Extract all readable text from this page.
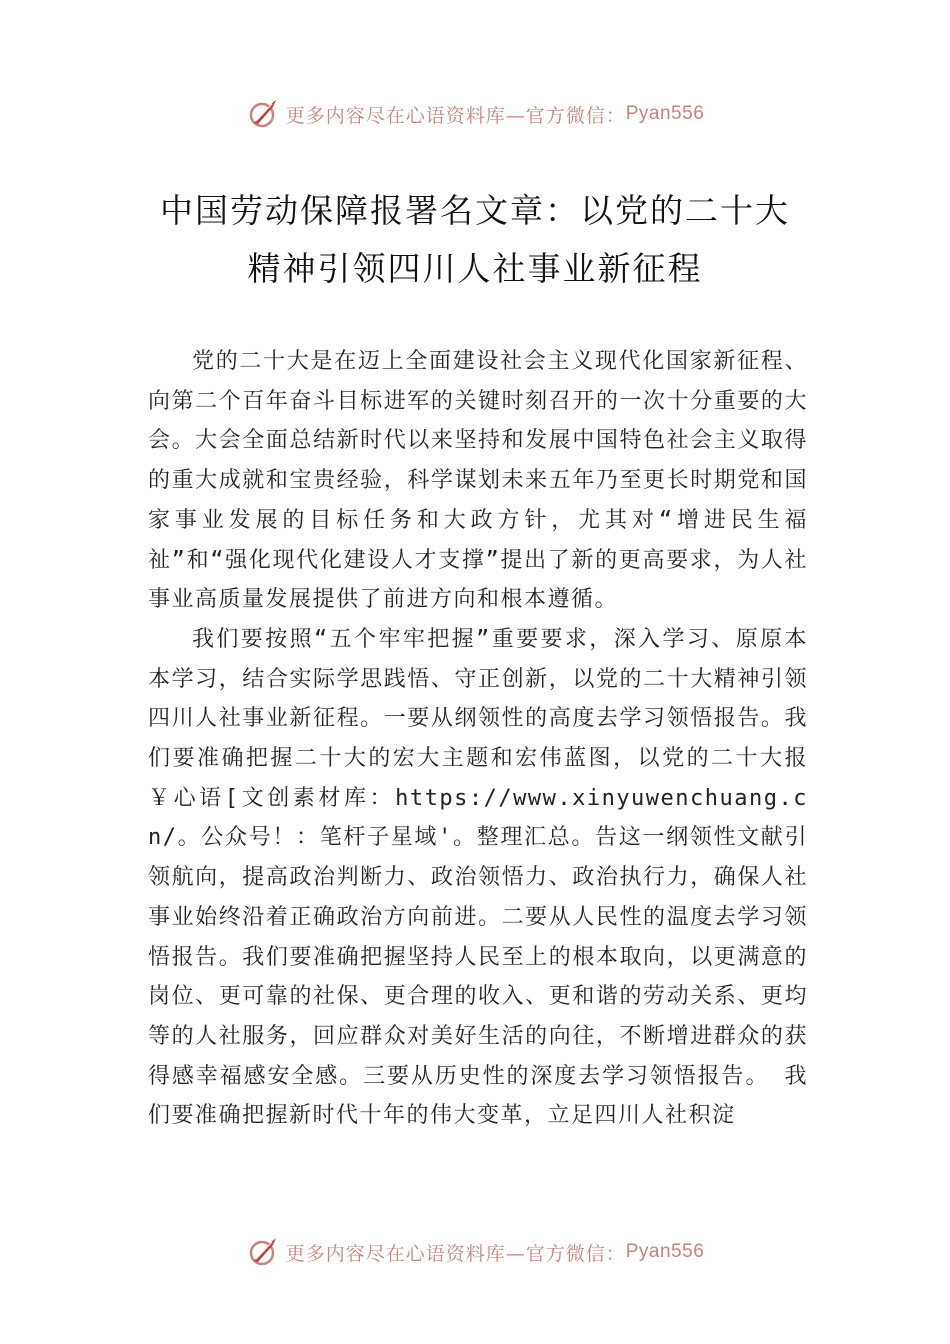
更多内容尽在心语资料库—官方微信： Pyan556
中国劳动保障报署名文章：以党的二十大
精神引领四川人社事业新征程

党的二十大是在迈上全面建设社会主义现代化国家新征程、向第二个百年奋斗目标进军的关键时刻召开的一次十分重要的大会。大会全面总结新时代以来坚持和发展中国特色社会主义取得的重大成就和宝贵经验，科学谋划未来五年乃至更长时期党和国家事业发展的目标任务和大政方针，尤其对“增进民生福祉”和“强化现代化建设人才支撑”提出了新的更高要求，为人社事业高质量发展提供了前进方向和根本遵循。

我们要按照“五个牢牢把握”重要要求，深入学习、原原本本学习，结合实际学思践悟、守正创新，以党的二十大精神引领四川人社事业新征程。一要从纲领性的高度去学习领悟报告。我们要准确把握二十大的宏大主题和宏伟蓝图，以党的二十大报￥心语[文创素材库：https://www.xinyuwenchuang.cn/。公众号！：笔杆子星域'。整理汇总。告这一纲领性文献引领航向，提高政治判断力、政治领悟力、政治执行力，确保人社事业始终沿着正确政治方向前进。二要从人民性的温度去学习领悟报告。我们要准确把握坚持人民至上的根本取向，以更满意的岗位、更可靠的社保、更合理的收入、更和谐的劳动关系、更均等的人社服务，回应群众对美好生活的向往，不断增进群众的获得感幸福感安全感。三要从历史性的深度去学习领悟报告。 我们要准确把握新时代十年的伟大变革，立足四川人社积淀

更多内容尽在心语资料库—官方微信： Pyan556
